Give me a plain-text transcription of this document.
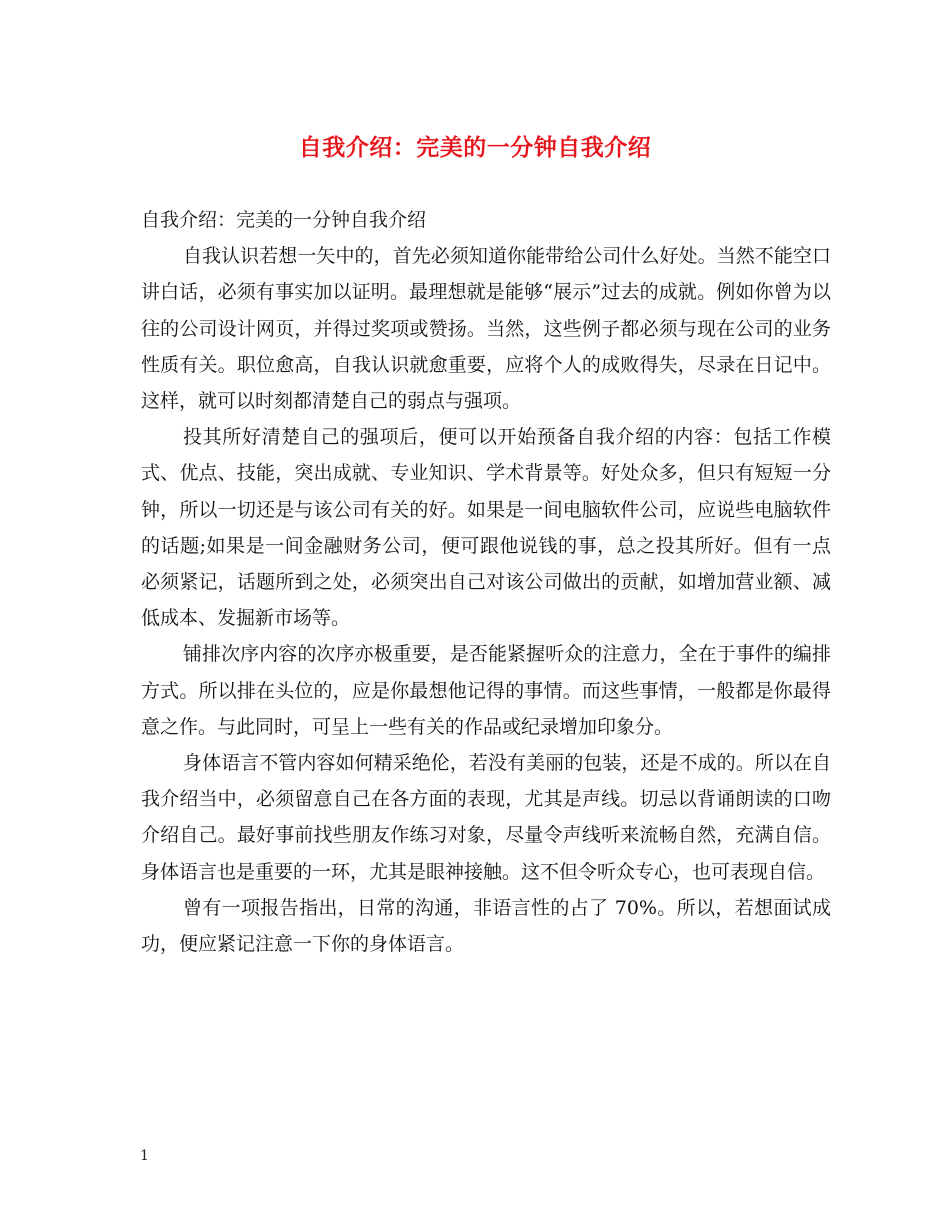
自我介绍：完美的一分钟自我介绍

自我介绍：完美的一分钟自我介绍

自我认识若想一矢中的，首先必须知道你能带给公司什么好处。当然不能空口讲白话，必须有事实加以证明。最理想就是能够“展示”过去的成就。例如你曾为以往的公司设计网页，并得过奖项或赞扬。当然，这些例子都必须与现在公司的业务性质有关。职位愈高，自我认识就愈重要，应将个人的成败得失，尽录在日记中。这样，就可以时刻都清楚自己的弱点与强项。

投其所好清楚自己的强项后，便可以开始预备自我介绍的内容：包括工作模式、优点、技能，突出成就、专业知识、学术背景等。好处众多，但只有短短一分钟，所以一切还是与该公司有关的好。如果是一间电脑软件公司，应说些电脑软件的话题;如果是一间金融财务公司，便可跟他说钱的事，总之投其所好。但有一点必须紧记，话题所到之处，必须突出自己对该公司做出的贡献，如增加营业额、减低成本、发掘新市场等。

铺排次序内容的次序亦极重要，是否能紧握听众的注意力，全在于事件的编排方式。所以排在头位的，应是你最想他记得的事情。而这些事情，一般都是你最得意之作。与此同时，可呈上一些有关的作品或纪录增加印象分。

身体语言不管内容如何精采绝伦，若没有美丽的包装，还是不成的。所以在自我介绍当中，必须留意自己在各方面的表现，尤其是声线。切忌以背诵朗读的口吻介绍自己。最好事前找些朋友作练习对象，尽量令声线听来流畅自然，充满自信。身体语言也是重要的一环，尤其是眼神接触。这不但令听众专心，也可表现自信。

曾有一项报告指出，日常的沟通，非语言性的占了 70%。所以，若想面试成功，便应紧记注意一下你的身体语言。

1
